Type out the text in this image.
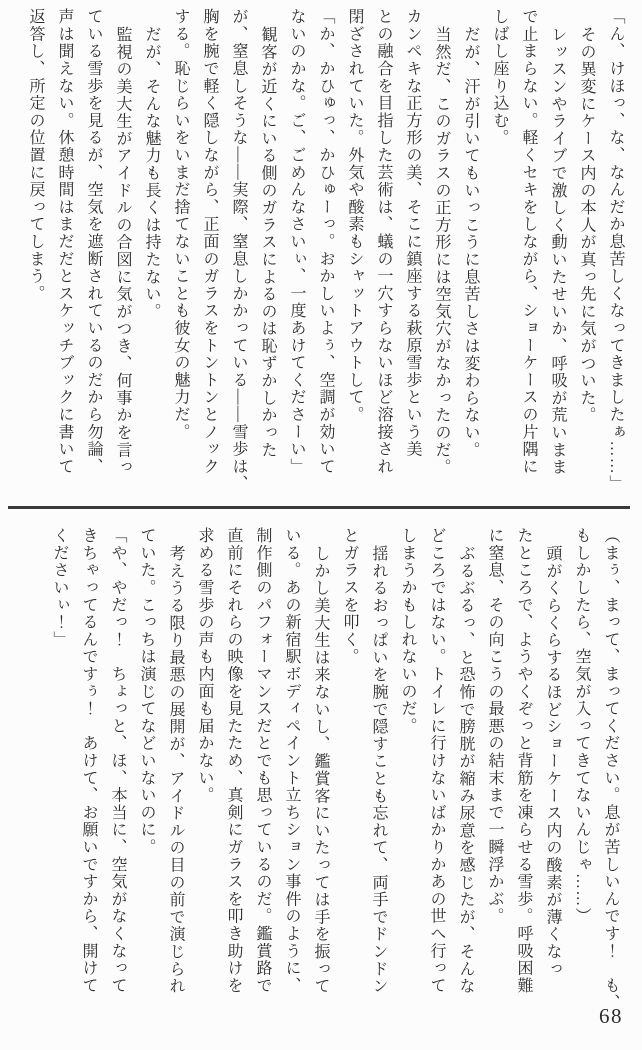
「ん、けほっ、な、なんだか息苦しくなってきましたぁ……」

その異変にケース内の本人が真っ先に気がついた。

レッスンやライブで激しく動いたせいか、呼吸が荒いまま

で止まらない。軽くセキをしながら、ショーケースの片隅に

しばし座り込む。

だが、汗が引いてもいっこうに息苦しさは変わらない。

当然だ、このガラスの正方形には空気穴がなかったのだ。

カンペキな正方形の美、そこに鎮座する萩原雪歩という美

との融合を目指した芸術は、蟻の一穴すらないほど溶接され

閉ざされていた。外気や酸素もシャットアウトして。

「か、かひゅっ、かひゅーっ。おかしいよぅ、空調が効いて

ないのかな。ご、ごめんなさいぃ、一度あけてくださーい」

観客が近くにいる側のガラスによるのは恥ずかしかった

が、窒息しそうな——実際、窒息しかかっている——雪歩は、

胸を腕で軽く隠しながら、正面のガラスをトントンとノック

する。恥じらいをいまだ捨てないことも彼女の魅力だ。

だが、そんな魅力も長くは持たない。

監視の美大生がアイドルの合図に気がつき、何事かを言っ

ている雪歩を見るが、空気を遮断されているのだから勿論、

声は聞えない。休憩時間はまだだとスケッチブックに書いて

返答し、所定の位置に戻ってしまう。

（まぅ、まって、まってください。息が苦しいんです！　も、

もしかしたら、空気が入ってきてないんじゃ……）

頭がくらくらするほどショーケース内の酸素が薄くなっ

たところで、ようやくぞっと背筋を凍らせる雪歩。呼吸困難

に窒息、その向こうの最悪の結末まで一瞬浮かぶ。

ぶるぶるっ、と恐怖で膀胱が縮み尿意を感じたが、そんな

どころではない。トイレに行けないばかりかあの世へ行って

しまうかもしれないのだ。

揺れるおっぱいを腕で隠すことも忘れて、両手でドンドン

とガラスを叩く。

しかし美大生は来ないし、鑑賞客にいたっては手を振って

いる。あの新宿駅ボディペイント立ちション事件のように、

制作側のパフォーマンスだとでも思っているのだ。鑑賞路で

直前にそれらの映像を見たため、真剣にガラスを叩き助けを

求める雪歩の声も内面も届かない。

考えうる限り最悪の展開が、アイドルの目の前で演じられ

ていた。こっちは演じてなどいないのに。

「や、やだっ！　ちょっと、ほ、本当に、空気がなくなって

きちゃってるんですぅ！　あけて、お願いですから、開けて

くださいぃ！」

68
